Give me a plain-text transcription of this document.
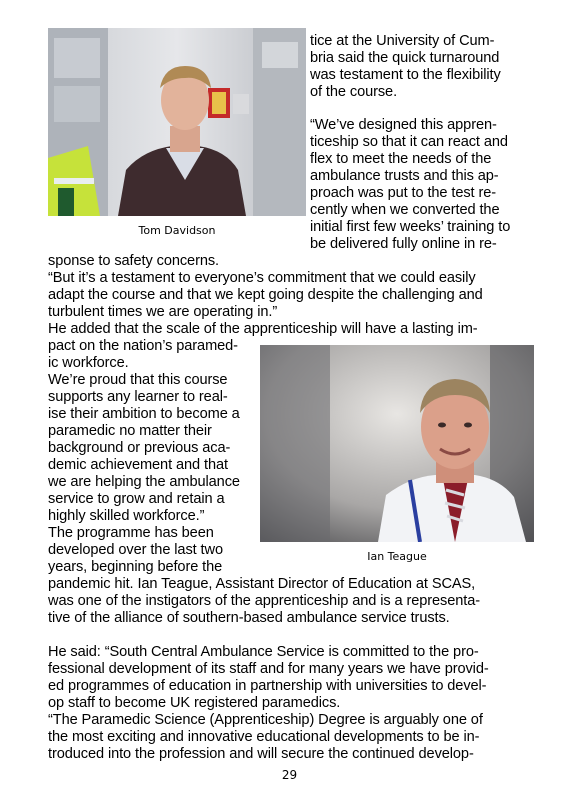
Tom Davidson
tice at the University of Cum-
bria said the quick turnaround
was testament to the flexibility
of the course.
“We’ve designed this appren-
ticeship so that it can react and
flex to meet the needs of the
ambulance trusts and this ap-
proach was put to the test re-
cently when we converted the
initial first few weeks’ training to
be delivered fully online in re-
sponse to safety concerns.
“But it’s a testament to everyone’s commitment that we could easily
adapt the course and that we kept going despite the challenging and
turbulent times we are operating in.”
He added that the scale of the apprenticeship will have a lasting im-
Ian Teague
pact on the nation’s paramed-
ic workforce.
We’re proud that this course
supports any learner to real-
ise their ambition to become a
paramedic no matter their
background or previous aca-
demic achievement and that
we are helping the ambulance
service to grow and retain a
highly skilled workforce.”
The programme has been
developed over the last two
years, beginning before the
pandemic hit. Ian Teague, Assistant Director of Education at SCAS,
was one of the instigators of the apprenticeship and is a representa-
tive of the alliance of southern-based ambulance service trusts.
He said: “South Central Ambulance Service is committed to the pro-
fessional development of its staff and for many years we have provid-
ed programmes of education in partnership with universities to devel-
op staff to become UK registered paramedics.
“The Paramedic Science (Apprenticeship) Degree is arguably one of
the most exciting and innovative educational developments to be in-
troduced into the profession and will secure the continued develop-
29
